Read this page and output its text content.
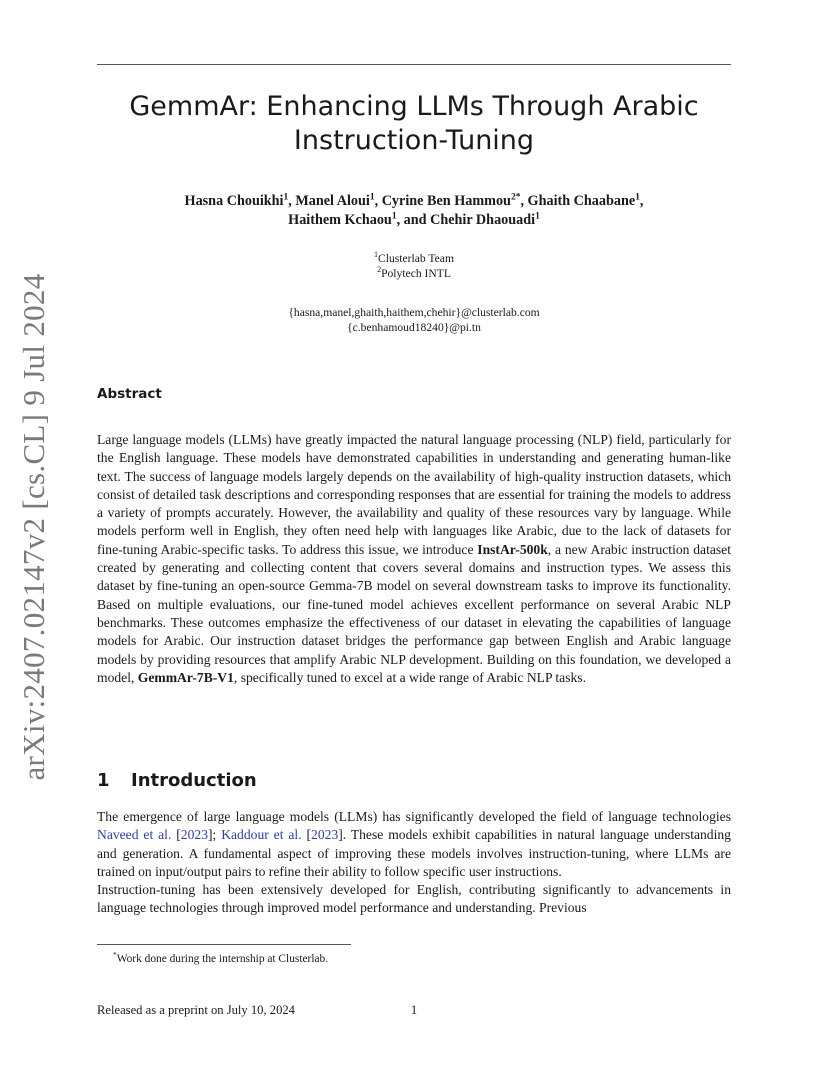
arXiv:2407.02147v2 [cs.CL] 9 Jul 2024
GemmAr: Enhancing LLMs Through Arabic Instruction-Tuning
Hasna Chouikhi$^1$, Manel Aloui$^1$, Cyrine Ben Hammou$^{2*}$, Ghaith Chaabane$^1$,
Haithem Kchaou$^1$, and Chehir Dhaouadi$^1$
$^1$Clusterlab Team
$^2$Polytech INTL
{hasna,manel,ghaith,haithem,chehir}@clusterlab.com
{c.benhamoud18240}@pi.tn
Abstract

Large language models (LLMs) have greatly impacted the natural language processing (NLP) field, particularly for the English language. These models have demonstrated capabilities in understanding and generating human-like text. The success of language models largely depends on the availability of high-quality instruction datasets, which consist of detailed task descriptions and corresponding responses that are essential for training the models to address a variety of prompts accurately. However, the availability and quality of these resources vary by language. While models perform well in English, they often need help with languages like Arabic, due to the lack of datasets for fine-tuning Arabic-specific tasks. To address this issue, we introduce InstAr-500k, a new Arabic instruction dataset created by generating and collecting content that covers several domains and instruction types. We assess this dataset by fine-tuning an open-source Gemma-7B model on several downstream tasks to improve its functionality. Based on multiple evaluations, our fine-tuned model achieves excellent performance on several Arabic NLP benchmarks. These outcomes emphasize the effectiveness of our dataset in elevating the capabilities of language models for Arabic. Our instruction dataset bridges the performance gap between English and Arabic language models by providing resources that amplify Arabic NLP development. Building on this foundation, we developed a model, GemmAr-7B-V1, specifically tuned to excel at a wide range of Arabic NLP tasks.

1 Introduction

The emergence of large language models (LLMs) has significantly developed the field of language technologies Naveed et al. [2023]; Kaddour et al. [2023]. These models exhibit capabilities in natural language understanding and generation. A fundamental aspect of improving these models involves instruction-tuning, where LLMs are trained on input/output pairs to refine their ability to follow specific user instructions.

Instruction-tuning has been extensively developed for English, contributing significantly to advancements in language technologies through improved model performance and understanding. Previous

*Work done during the internship at Clusterlab.
Released as a preprint on July 10, 2024	1
